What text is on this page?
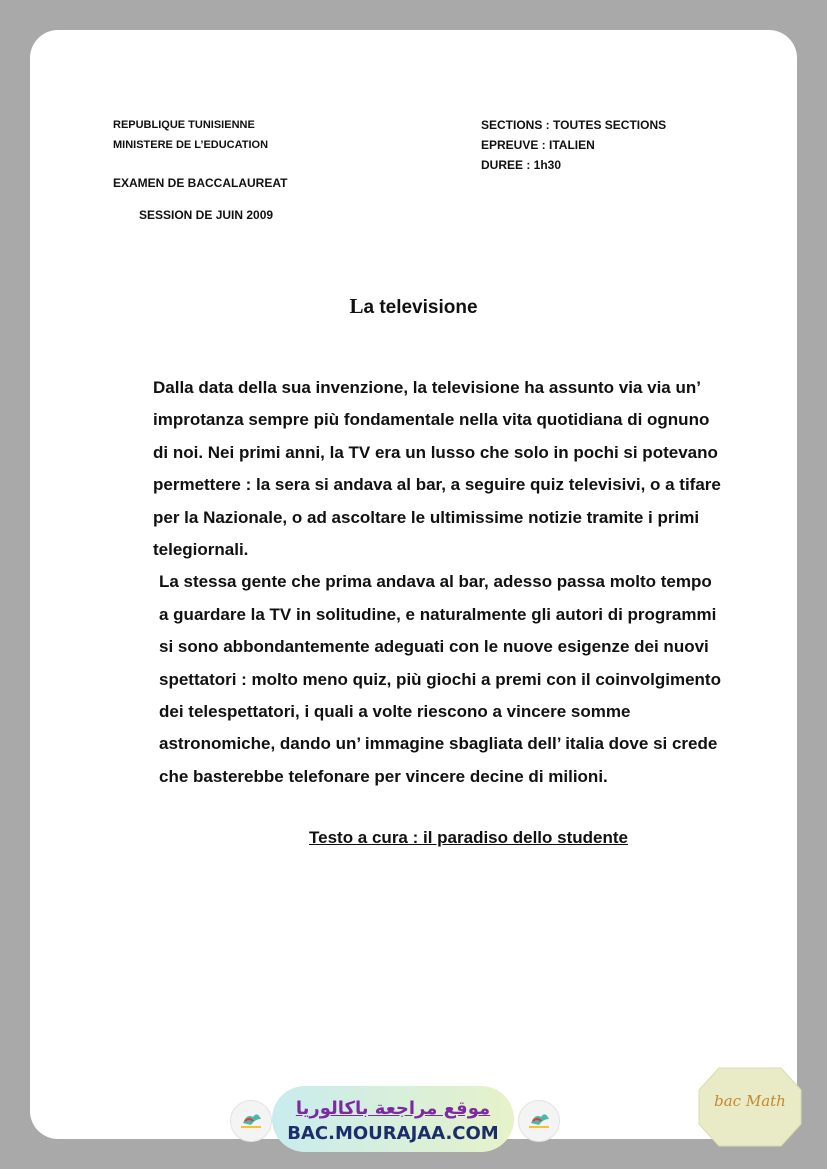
REPUBLIQUE TUNISIENNE
MINISTERE DE L’EDUCATION
EXAMEN DE BACCALAUREAT
SESSION DE JUIN 2009
SECTIONS : TOUTES SECTIONS
EPREUVE : ITALIEN
DUREE : 1h30
La televisione

Dalla data della sua invenzione, la televisione ha assunto via via un’ improtanza sempre più fondamentale nella vita quotidiana di ognuno di noi. Nei primi anni, la TV era un lusso che solo in pochi si potevano permettere : la sera si andava al bar, a seguire quiz televisivi, o a tifare per la Nazionale, o ad ascoltare le ultimissime notizie tramite i primi telegiornali.

La stessa gente che prima andava al bar, adesso passa molto tempo a guardare la TV in solitudine, e naturalmente gli autori di programmi si sono abbondantemente adeguati con le nuove esigenze dei nuovi spettatori : molto meno quiz, più giochi a premi con il coinvolgimento dei telespettatori, i quali a volte riescono a vincere somme astronomiche, dando un’ immagine sbagliata dell’ italia dove si crede che basterebbe telefonare per vincere decine di milioni.

Testo a cura : il paradiso dello studente
موقع مراجعة باكالوريا
BAC.MOURAJAA.COM
bac Math
